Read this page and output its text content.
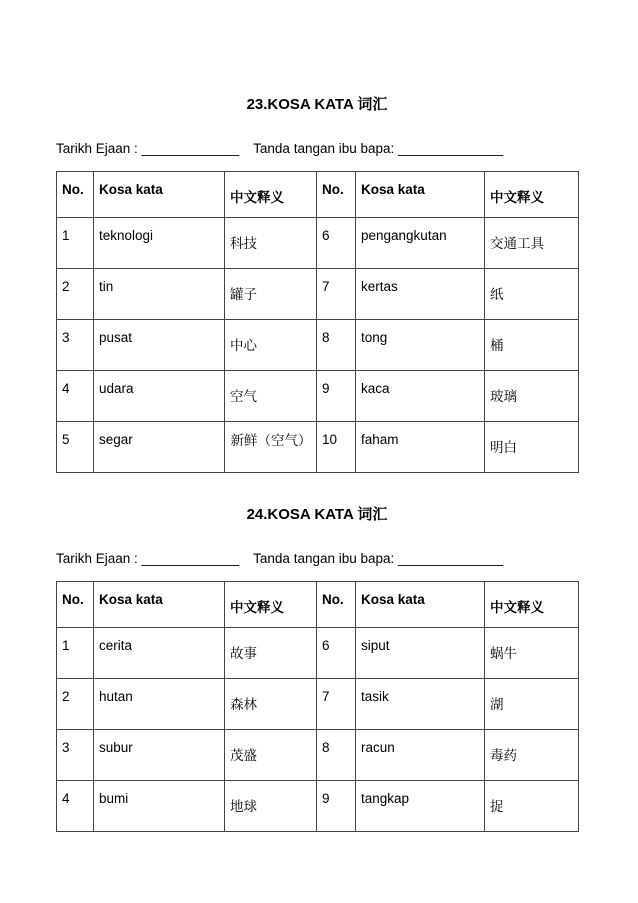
23.KOSA KATA 词汇
Tarikh Ejaan : _____________ Tanda tangan ibu bapa: ______________
No.	Kosa kata	中文释义	No.	Kosa kata	中文释义
1	teknologi	科技	6	pengangkutan	交通工具
2	tin	罐子	7	kertas	纸
3	pusat	中心	8	tong	桶
4	udara	空气	9	kaca	玻璃
5	segar	新鲜（空气）	10	faham	明白
24.KOSA KATA 词汇
Tarikh Ejaan : _____________ Tanda tangan ibu bapa: ______________
No.	Kosa kata	中文释义	No.	Kosa kata	中文释义
1	cerita	故事	6	siput	蜗牛
2	hutan	森林	7	tasik	湖
3	subur	茂盛	8	racun	毒药
4	bumi	地球	9	tangkap	捉
